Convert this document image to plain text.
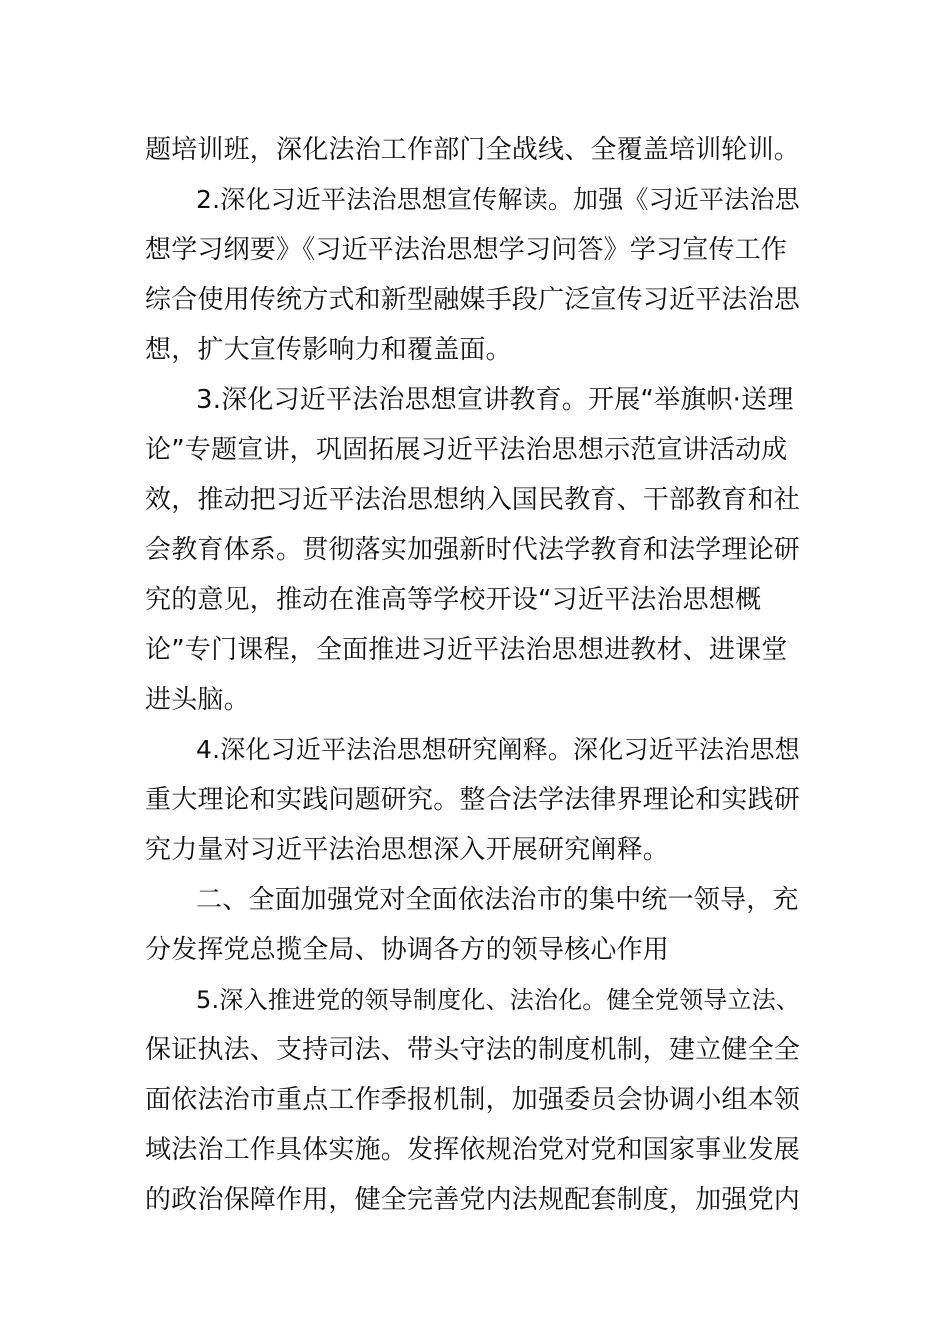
题培训班，深化法治工作部门全战线、全覆盖培训轮训。
2.深化习近平法治思想宣传解读。加强《习近平法治思
想学习纲要》《习近平法治思想学习问答》学习宣传工作
综合使用传统方式和新型融媒手段广泛宣传习近平法治思
想，扩大宣传影响力和覆盖面。
3.深化习近平法治思想宣讲教育。开展“举旗帜·送理
论”专题宣讲，巩固拓展习近平法治思想示范宣讲活动成
效，推动把习近平法治思想纳入国民教育、干部教育和社
会教育体系。贯彻落实加强新时代法学教育和法学理论研
究的意见，推动在淮高等学校开设“习近平法治思想概
论”专门课程，全面推进习近平法治思想进教材、进课堂
进头脑。
4.深化习近平法治思想研究阐释。深化习近平法治思想
重大理论和实践问题研究。整合法学法律界理论和实践研
究力量对习近平法治思想深入开展研究阐释。
二、全面加强党对全面依法治市的集中统一领导，充
分发挥党总揽全局、协调各方的领导核心作用
5.深入推进党的领导制度化、法治化。健全党领导立法、
保证执法、支持司法、带头守法的制度机制，建立健全全
面依法治市重点工作季报机制，加强委员会协调小组本领
域法治工作具体实施。发挥依规治党对党和国家事业发展
的政治保障作用，健全完善党内法规配套制度，加强党内
